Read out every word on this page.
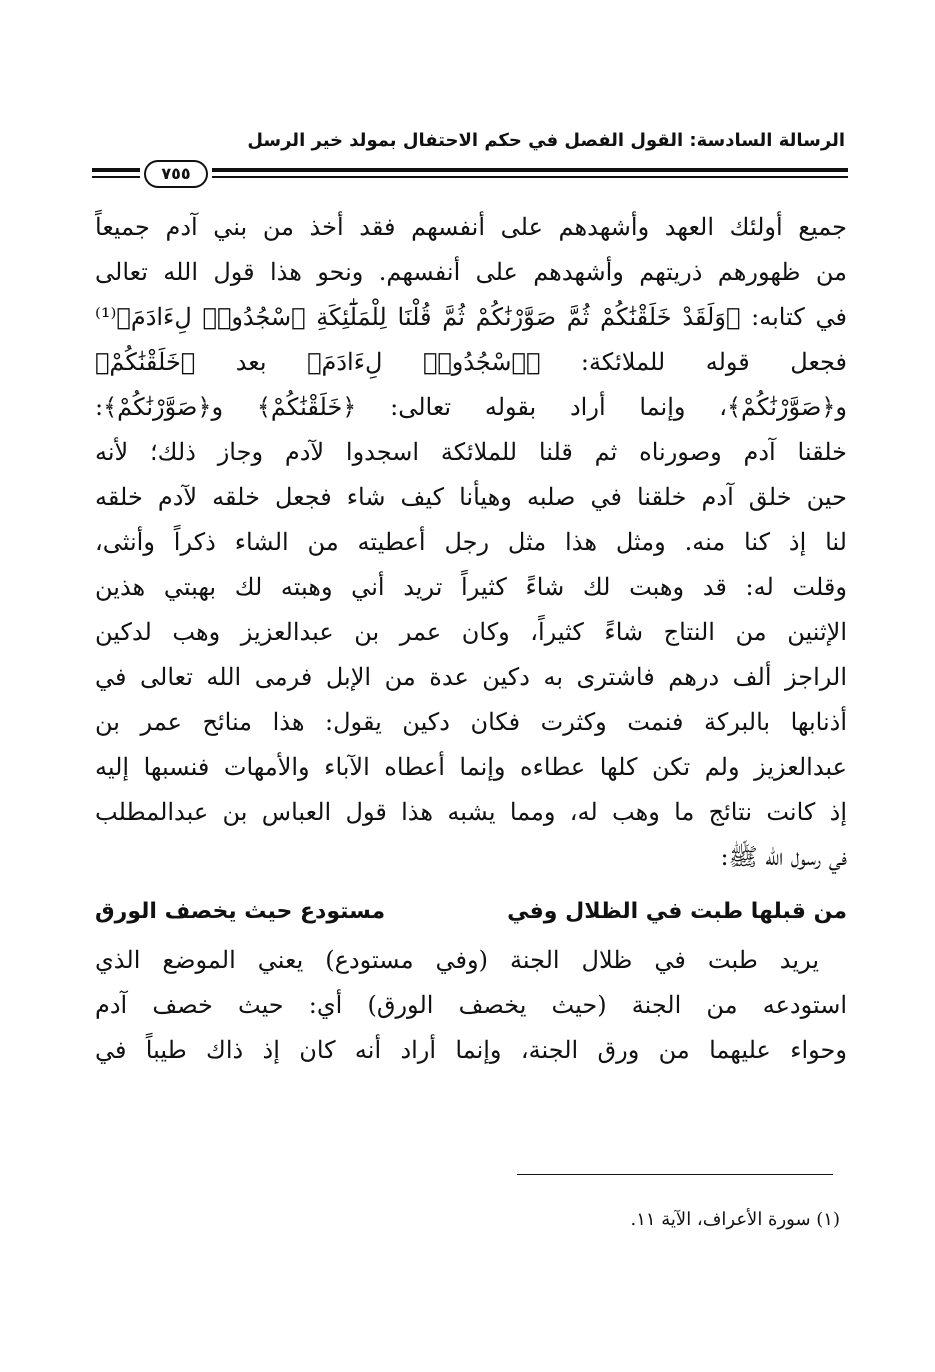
الرسالة السادسة: القول الفصل في حكم الاحتفال بمولد خير الرسل
٧٥٥
جميع أولئك العهد وأشهدهم على أنفسهم فقد أخذ من بني آدم جميعاً
من ظهورهم ذريتهم وأشهدهم على أنفسهم. ونحو هذا قول الله تعالى
في كتابه: ﴿وَلَقَدْ خَلَقْنَٰكُمْ ثُمَّ صَوَّرْنَٰكُمْ ثُمَّ قُلْنَا لِلْمَلَٰٓئِكَةِ ٱسْجُدُوا۟ لِءَادَمَ﴾⁽¹⁾
فجعل قوله للملائكة: ﴿ٱسْجُدُوا۟ لِءَادَمَ﴾ بعد ﴿خَلَقْنَٰكُمْ﴾
و﴿صَوَّرْنَٰكُمْ﴾، وإنما أراد بقوله تعالى: ﴿خَلَقْنَٰكُمْ﴾ و﴿صَوَّرْنَٰكُمْ﴾:
خلقنا آدم وصورناه ثم قلنا للملائكة اسجدوا لآدم وجاز ذلك؛ لأنه
حين خلق آدم خلقنا في صلبه وهيأنا كيف شاء فجعل خلقه لآدم خلقه
لنا إذ كنا منه. ومثل هذا مثل رجل أعطيته من الشاء ذكراً وأنثى،
وقلت له: قد وهبت لك شاءً كثيراً تريد أني وهبته لك بهبتي هذين
الإثنين من النتاج شاءً كثيراً، وكان عمر بن عبدالعزيز وهب لدكين
الراجز ألف درهم فاشترى به دكين عدة من الإبل فرمى الله تعالى في
أذنابها بالبركة فنمت وكثرت فكان دكين يقول: هذا منائح عمر بن
عبدالعزيز ولم تكن كلها عطاءه وإنما أعطاه الآباء والأمهات فنسبها إليه
إذ كانت نتائج ما وهب له، ومما يشبه هذا قول العباس بن عبدالمطلب
في رسول الله ﷺ:
من قبلها طبت في الظلال وفي
مستودع حيث يخصف الورق
يريد طبت في ظلال الجنة (وفي مستودع) يعني الموضع الذي
استودعه من الجنة (حيث يخصف الورق) أي: حيث خصف آدم
وحواء عليهما من ورق الجنة، وإنما أراد أنه كان إذ ذاك طيباً في
(١) سورة الأعراف، الآية ١١.
